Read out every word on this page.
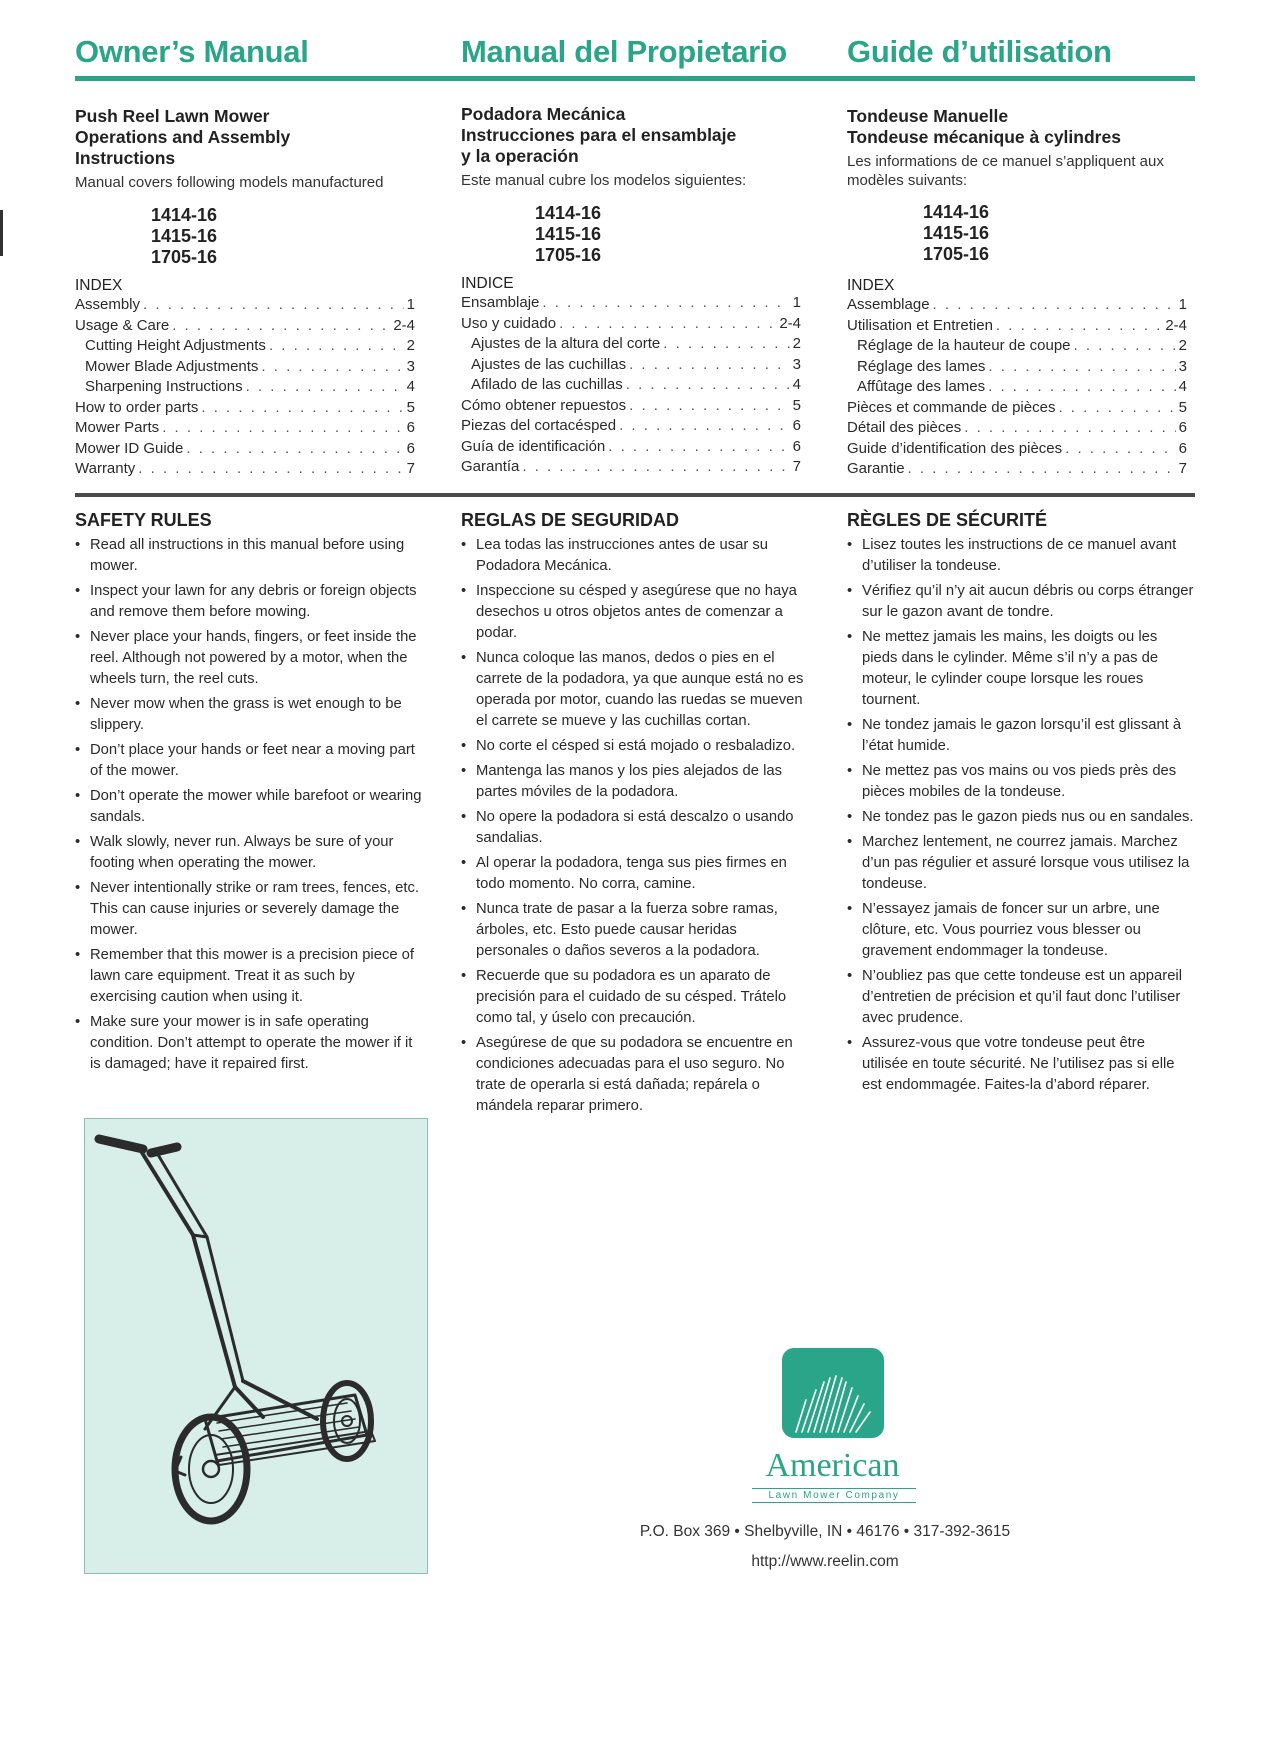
Owner’s Manual	Manual del Propietario Guide d’utilisation
Push Reel Lawn Mower
Operations and Assembly
Instructions
Manual covers following models manufactured
1414-16
1415-16
1705-16
Podadora Mecánica
Instrucciones para el ensamblaje
y la operación
Este manual cubre los modelos siguientes:
1414-16
1415-16
1705-16
Tondeuse Manuelle
Tondeuse mécanique à cylindres
Les informations de ce manuel s’appliquent aux modèles suivants:
1414-16
1415-16
1705-16
INDEX
Assembly . . .	1
Usage & Care . . .	2-4
Cutting Height Adjustments . . .	2
Mower Blade Adjustments . . .	3
Sharpening Instructions . . .	4
How to order parts . . .	5
Mower Parts . . .	6
Mower ID Guide . . .	6
Warranty . . .	7
INDICE
Ensamblaje . . .	1
Uso y cuidado . . .	2-4
Ajustes de la altura del corte . . .	2
Ajustes de las cuchillas . . .	3
Afilado de las cuchillas . . .	4
Cómo obtener repuestos . . .	5
Piezas del cortacésped . . .	6
Guía de identificación . . .	6
Garantía . . .	7
INDEX
Assemblage . . .	1
Utilisation et Entretien . . .	2-4
Réglage de la hauteur de coupe . . .	2
Réglage des lames . . .	3
Affûtage des lames . . .	4
Pièces et commande de pièces . . .	5
Détail des pièces . . .	6
Guide d’identification des pièces . . .	6
Garantie . . .	7
SAFETY RULES
• Read all instructions in this manual before using mower.
• Inspect your lawn for any debris or foreign objects and remove them before mowing.
• Never place your hands, fingers, or feet inside the reel. Although not powered by a motor, when the wheels turn, the reel cuts.
• Never mow when the grass is wet enough to be slippery.
• Don’t place your hands or feet near a moving part of the mower.
• Don’t operate the mower while barefoot or wearing sandals.
• Walk slowly, never run. Always be sure of your footing when operating the mower.
• Never intentionally strike or ram trees, fences, etc. This can cause injuries or severely damage the mower.
• Remember that this mower is a precision piece of lawn care equipment. Treat it as such by exercising caution when using it.
• Make sure your mower is in safe operating condition. Don’t attempt to operate the mower if it is damaged; have it repaired first.
REGLAS DE SEGURIDAD
• Lea todas las instrucciones antes de usar su Podadora Mecánica.
• Inspeccione su césped y asegúrese que no haya desechos u otros objetos antes de comenzar a podar.
• Nunca coloque las manos, dedos o pies en el carrete de la podadora, ya que aunque está no es operada por motor, cuando las ruedas se mueven el carrete se mueve y las cuchillas cortan.
• No corte el césped si está mojado o resbaladizo.
• Mantenga las manos y los pies alejados de las partes móviles de la podadora.
• No opere la podadora si está descalzo o usando sandalias.
• Al operar la podadora, tenga sus pies firmes en todo momento. No corra, camine.
• Nunca trate de pasar a la fuerza sobre ramas, árboles, etc. Esto puede causar heridas personales o daños severos a la podadora.
• Recuerde que su podadora es un aparato de precisión para el cuidado de su césped. Trátelo como tal, y úselo con precaución.
• Asegúrese de que su podadora se encuentre en condiciones adecuadas para el uso seguro. No trate de operarla si está dañada; repárela o mándela reparar primero.
RÈGLES DE SÉCURITÉ
• Lisez toutes les instructions de ce manuel avant d’utiliser la tondeuse.
• Vérifiez qu’il n’y ait aucun débris ou corps étranger sur le gazon avant de tondre.
• Ne mettez jamais les mains, les doigts ou les pieds dans le cylinder. Même s’il n’y a pas de moteur, le cylinder coupe lorsque les roues tournent.
• Ne tondez jamais le gazon lorsqu’il est glissant à l’état humide.
• Ne mettez pas vos mains ou vos pieds près des pièces mobiles de la tondeuse.
• Ne tondez pas le gazon pieds nus ou en sandales.
• Marchez lentement, ne courrez jamais. Marchez d’un pas régulier et assuré lorsque vous utilisez la tondeuse.
• N’essayez jamais de foncer sur un arbre, une clôture, etc. Vous pourriez vous blesser ou gravement endommager la tondeuse.
• N’oubliez pas que cette tondeuse est un appareil d’entretien de précision et qu’il faut donc l’utiliser avec prudence.
• Assurez-vous que votre tondeuse peut être utilisée en toute sécurité. Ne l’utilisez pas si elle est endommagée. Faites-la d’abord réparer.
American
Lawn Mower Company
P.O. Box 369 • Shelbyville, IN • 46176 • 317-392-3615
http://www.reelin.com
